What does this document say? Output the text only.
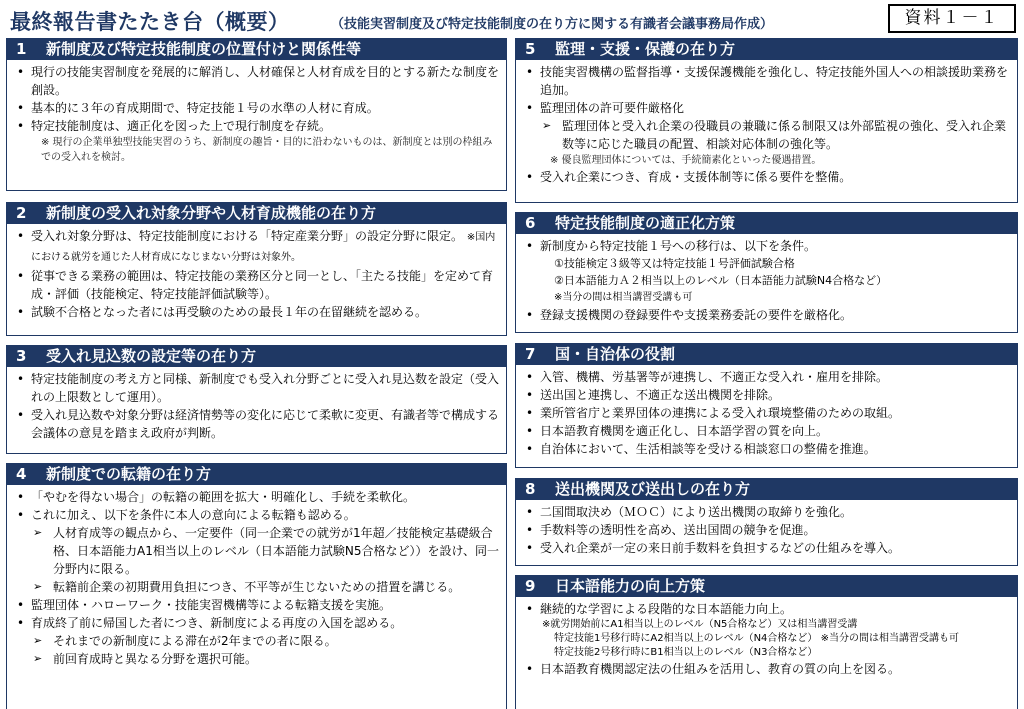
最終報告書たたき台（概要）	（技能実習制度及び特定技能制度の在り方に関する有識者会議事務局作成）	資料１－１
1 新制度及び特定技能制度の位置付けと関係性等
• 現行の技能実習制度を発展的に解消し、人材確保と人材育成を目的とする新たな制度を創設。
• 基本的に３年の育成期間で、特定技能１号の水準の人材に育成。
• 特定技能制度は、適正化を図った上で現行制度を存続。
※ 現行の企業単独型技能実習のうち、新制度の趣旨・目的に沿わないものは、新制度とは別の枠組みでの受入れを検討。
2 新制度の受入れ対象分野や人材育成機能の在り方
• 受入れ対象分野は、特定技能制度における「特定産業分野」の設定分野に限定。 ※国内における就労を通じた人材育成になじまない分野は対象外。
• 従事できる業務の範囲は、特定技能の業務区分と同一とし、「主たる技能」を定めて育成・評価（技能検定、特定技能評価試験等）。
• 試験不合格となった者には再受験のための最長１年の在留継続を認める。
3 受入れ見込数の設定等の在り方
• 特定技能制度の考え方と同様、新制度でも受入れ分野ごとに受入れ見込数を設定（受入れの上限数として運用）。
• 受入れ見込数や対象分野は経済情勢等の変化に応じて柔軟に変更、有識者等で構成する会議体の意見を踏まえ政府が判断。
4 新制度での転籍の在り方
• 「やむを得ない場合」の転籍の範囲を拡大・明確化し、手続を柔軟化。
• これに加え、以下を条件に本人の意向による転籍も認める。
➢ 人材育成等の観点から、一定要件（同一企業での就労が1年超／技能検定基礎級合格、日本語能力A1相当以上のレベル（日本語能力試験N5合格など））を設け、同一分野内に限る。
➢ 転籍前企業の初期費用負担につき、不平等が生じないための措置を講じる。
• 監理団体・ハローワーク・技能実習機構等による転籍支援を実施。
• 育成終了前に帰国した者につき、新制度による再度の入国を認める。
➢ それまでの新制度による滞在が2年までの者に限る。
➢ 前回育成時と異なる分野を選択可能。
5 監理・支援・保護の在り方
• 技能実習機構の監督指導・支援保護機能を強化し、特定技能外国人への相談援助業務を追加。
• 監理団体の許可要件厳格化
➢ 監理団体と受入れ企業の役職員の兼職に係る制限又は外部監視の強化、受入れ企業数等に応じた職員の配置、相談対応体制の強化等。
※ 優良監理団体については、手続簡素化といった優遇措置。
• 受入れ企業につき、育成・支援体制等に係る要件を整備。
6 特定技能制度の適正化方策
• 新制度から特定技能１号への移行は、以下を条件。
①技能検定３級等又は特定技能１号評価試験合格
②日本語能力Ａ２相当以上のレベル（日本語能力試験N4合格など）
※当分の間は相当講習受講も可
• 登録支援機関の登録要件や支援業務委託の要件を厳格化。
7 国・自治体の役割
• 入管、機構、労基署等が連携し、不適正な受入れ・雇用を排除。
• 送出国と連携し、不適正な送出機関を排除。
• 業所管省庁と業界団体の連携による受入れ環境整備のための取組。
• 日本語教育機関を適正化し、日本語学習の質を向上。
• 自治体において、生活相談等を受ける相談窓口の整備を推進。
8 送出機関及び送出しの在り方
• 二国間取決め（ＭＯＣ）により送出機関の取締りを強化。
• 手数料等の透明性を高め、送出国間の競争を促進。
• 受入れ企業が一定の来日前手数料を負担するなどの仕組みを導入。
9 日本語能力の向上方策
• 継続的な学習による段階的な日本語能力向上。
※就労開始前にA1相当以上のレベル（N5合格など）又は相当講習受講
特定技能1号移行時にA2相当以上のレベル（N4合格など） ※当分の間は相当講習受講も可
特定技能2号移行時にB1相当以上のレベル（N3合格など）
• 日本語教育機関認定法の仕組みを活用し、教育の質の向上を図る。
